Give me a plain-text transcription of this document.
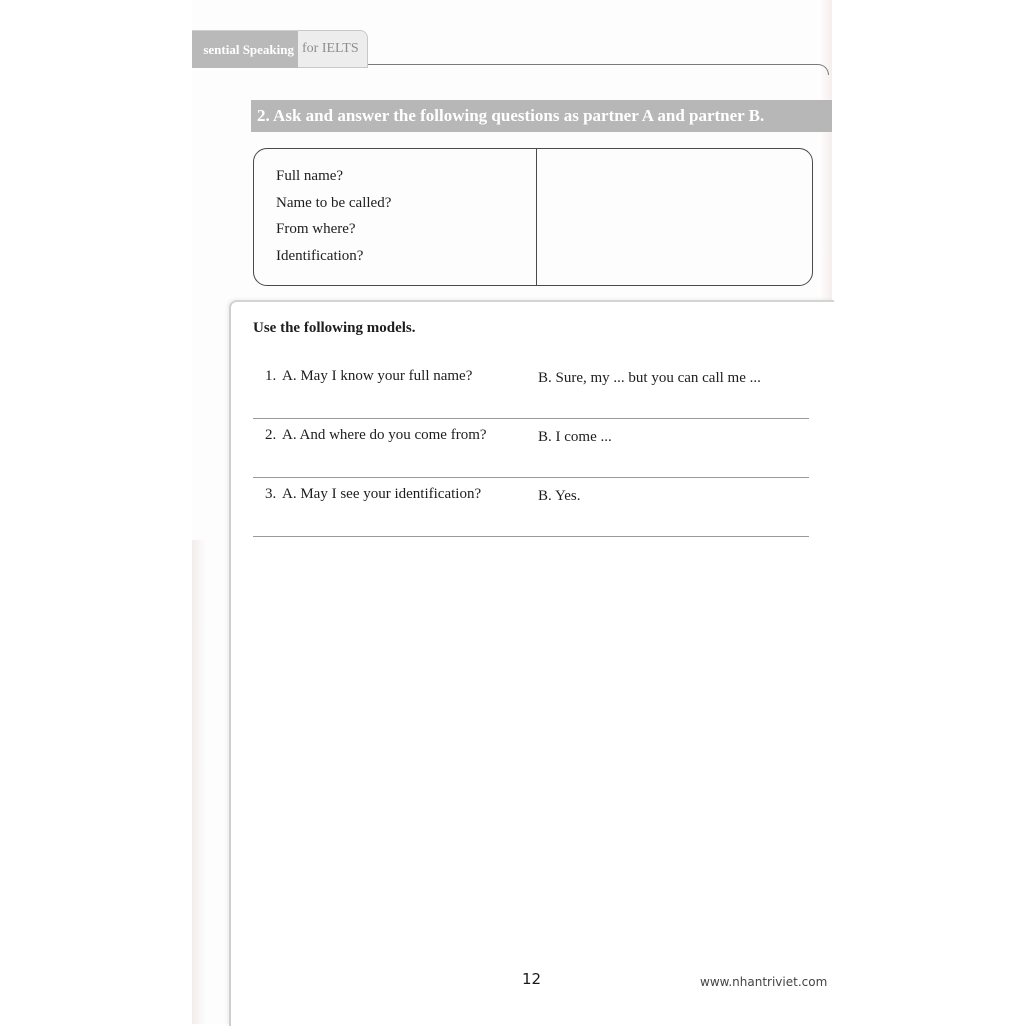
sential Speaking for IELTS
2. Ask and answer the following questions as partner A and partner B.
Full name?
Name to be called?
From where?
Identification?
Use the following models.
1. A. May I know your full name?	B. Sure, my ... but you can call me ...
2. A. And where do you come from?	B. I come ...
3. A. May I see your identification?	B. Yes.
12	www.nhantriviet.com
